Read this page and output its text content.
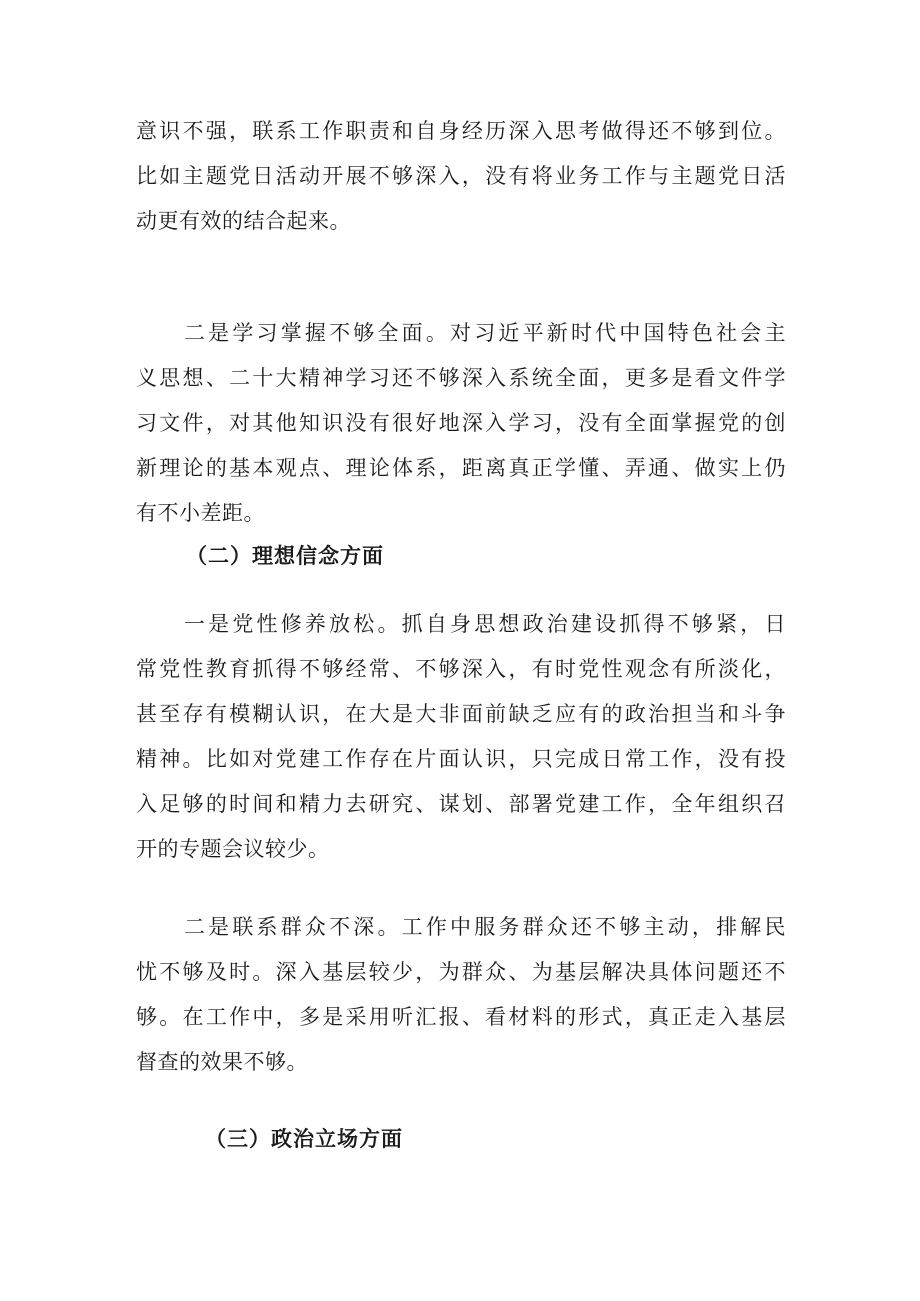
意识不强，联系工作职责和自身经历深入思考做得还不够到位。
比如主题党日活动开展不够深入，没有将业务工作与主题党日活
动更有效的结合起来。
二是学习掌握不够全面。对习近平新时代中国特色社会主
义思想、二十大精神学习还不够深入系统全面，更多是看文件学
习文件，对其他知识没有很好地深入学习，没有全面掌握党的创
新理论的基本观点、理论体系，距离真正学懂、弄通、做实上仍
有不小差距。
（二）理想信念方面
一是党性修养放松。抓自身思想政治建设抓得不够紧，日
常党性教育抓得不够经常、不够深入，有时党性观念有所淡化，
甚至存有模糊认识，在大是大非面前缺乏应有的政治担当和斗争
精神。比如对党建工作存在片面认识，只完成日常工作，没有投
入足够的时间和精力去研究、谋划、部署党建工作，全年组织召
开的专题会议较少。
二是联系群众不深。工作中服务群众还不够主动，排解民
忧不够及时。深入基层较少，为群众、为基层解决具体问题还不
够。在工作中，多是采用听汇报、看材料的形式，真正走入基层
督查的效果不够。
（三）政治立场方面
